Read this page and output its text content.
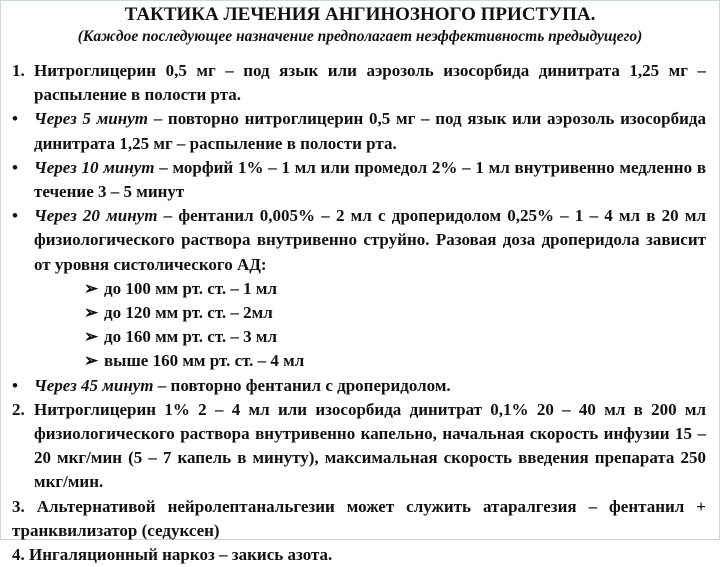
ТАКТИКА ЛЕЧЕНИЯ АНГИНОЗНОГО ПРИСТУПА.
(Каждое последующее назначение предполагает неэффективность предыдущего)
1. Нитроглицерин 0,5 мг – под язык или аэрозоль изосорбида динитрата 1,25 мг – распыление в полости рта.
• Через 5 минут – повторно нитроглицерин 0,5 мг – под язык или аэрозоль изосорбида динитрата 1,25 мг – распыление в полости рта.
• Через 10 минут – морфий 1% – 1 мл или промедол 2% – 1 мл внутривенно медленно в течение 3 – 5 минут
• Через 20 минут – фентанил 0,005% – 2 мл с дроперидолом 0,25% – 1 – 4 мл в 20 мл физиологического раствора внутривенно струйно. Разовая доза дроперидола зависит от уровня систолического АД:
➢ до 100 мм рт. ст. – 1 мл
➢ до 120 мм рт. ст. – 2мл
➢ до 160 мм рт. ст. – 3 мл
➢ выше 160 мм рт. ст. – 4 мл
• Через 45 минут – повторно фентанил с дроперидолом.
2. Нитроглицерин 1% 2 – 4 мл или изосорбида динитрат 0,1% 20 – 40 мл в 200 мл физиологического раствора внутривенно капельно, начальная скорость инфузии 15 – 20 мкг/мин (5 – 7 капель в минуту), максимальная скорость введения препарата 250 мкг/мин.
3. Альтернативой нейролептанальгезии может служить атаралгезия – фентанил + транквилизатор (седуксен)
4. Ингаляционный наркоз – закись азота.
